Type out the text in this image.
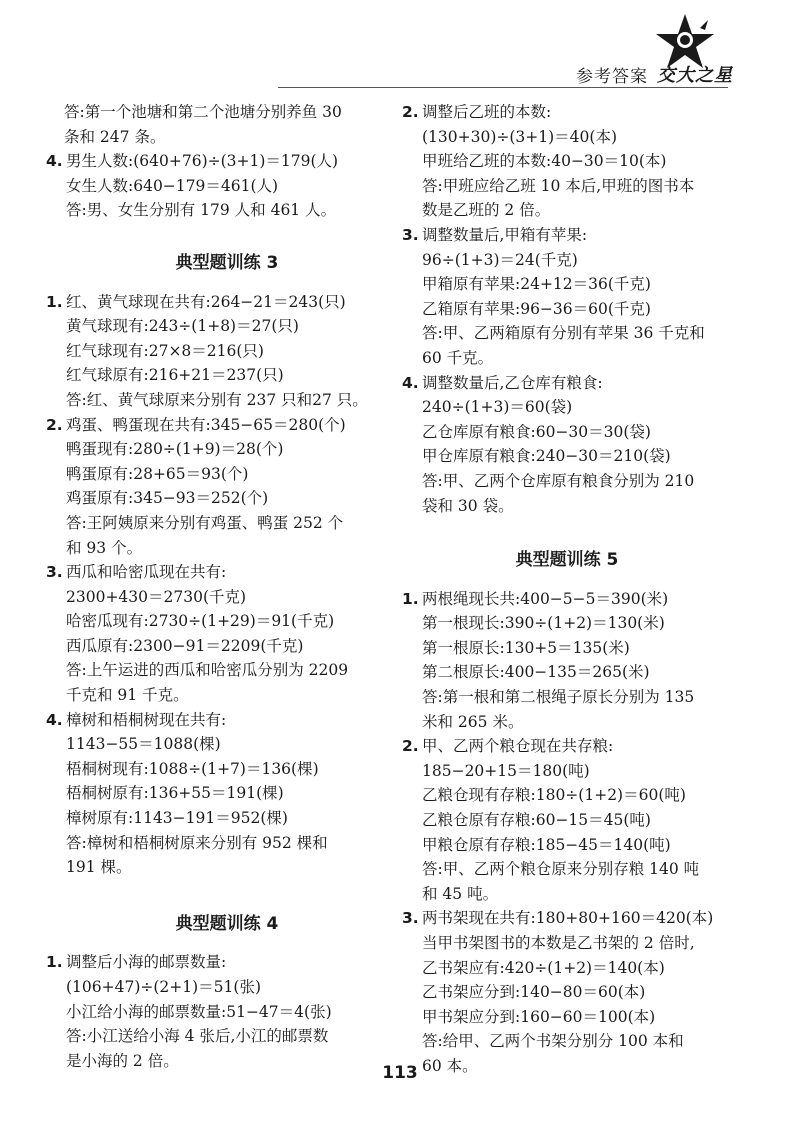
参考答案 交大之星
答:第一个池塘和第二个池塘分别养鱼 30
条和 247 条。
4. 男生人数:(640+76)÷(3+1)＝179(人)
女生人数:640−179＝461(人)
答:男、女生分别有 179 人和 461 人。
典型题训练 3
1. 红、黄气球现在共有:264−21＝243(只)
黄气球现有:243÷(1+8)＝27(只)
红气球现有:27×8＝216(只)
红气球原有:216+21＝237(只)
答:红、黄气球原来分别有 237 只和27 只。
2. 鸡蛋、鸭蛋现在共有:345−65＝280(个)
鸭蛋现有:280÷(1+9)＝28(个)
鸭蛋原有:28+65＝93(个)
鸡蛋原有:345−93＝252(个)
答:王阿姨原来分别有鸡蛋、鸭蛋 252 个
和 93 个。
3. 西瓜和哈密瓜现在共有:
2300+430＝2730(千克)
哈密瓜现有:2730÷(1+29)＝91(千克)
西瓜原有:2300−91＝2209(千克)
答:上午运进的西瓜和哈密瓜分别为 2209
千克和 91 千克。
4. 樟树和梧桐树现在共有:
1143−55＝1088(棵)
梧桐树现有:1088÷(1+7)＝136(棵)
梧桐树原有:136+55＝191(棵)
樟树原有:1143−191＝952(棵)
答:樟树和梧桐树原来分别有 952 棵和
191 棵。
典型题训练 4
1. 调整后小海的邮票数量:
(106+47)÷(2+1)＝51(张)
小江给小海的邮票数量:51−47＝4(张)
答:小江送给小海 4 张后,小江的邮票数
是小海的 2 倍。
2. 调整后乙班的本数:
(130+30)÷(3+1)＝40(本)
甲班给乙班的本数:40−30＝10(本)
答:甲班应给乙班 10 本后,甲班的图书本
数是乙班的 2 倍。
3. 调整数量后,甲箱有苹果:
96÷(1+3)＝24(千克)
甲箱原有苹果:24+12＝36(千克)
乙箱原有苹果:96−36＝60(千克)
答:甲、乙两箱原有分别有苹果 36 千克和
60 千克。
4. 调整数量后,乙仓库有粮食:
240÷(1+3)＝60(袋)
乙仓库原有粮食:60−30＝30(袋)
甲仓库原有粮食:240−30＝210(袋)
答:甲、乙两个仓库原有粮食分别为 210
袋和 30 袋。
典型题训练 5
1. 两根绳现长共:400−5−5＝390(米)
第一根现长:390÷(1+2)＝130(米)
第一根原长:130+5＝135(米)
第二根原长:400−135＝265(米)
答:第一根和第二根绳子原长分别为 135
米和 265 米。
2. 甲、乙两个粮仓现在共存粮:
185−20+15＝180(吨)
乙粮仓现有存粮:180÷(1+2)＝60(吨)
乙粮仓原有存粮:60−15＝45(吨)
甲粮仓原有存粮:185−45＝140(吨)
答:甲、乙两个粮仓原来分别存粮 140 吨
和 45 吨。
3. 两书架现在共有:180+80+160＝420(本)
当甲书架图书的本数是乙书架的 2 倍时,
乙书架应有:420÷(1+2)＝140(本)
乙书架应分到:140−80＝60(本)
甲书架应分到:160−60＝100(本)
答:给甲、乙两个书架分别分 100 本和
60 本。
113
